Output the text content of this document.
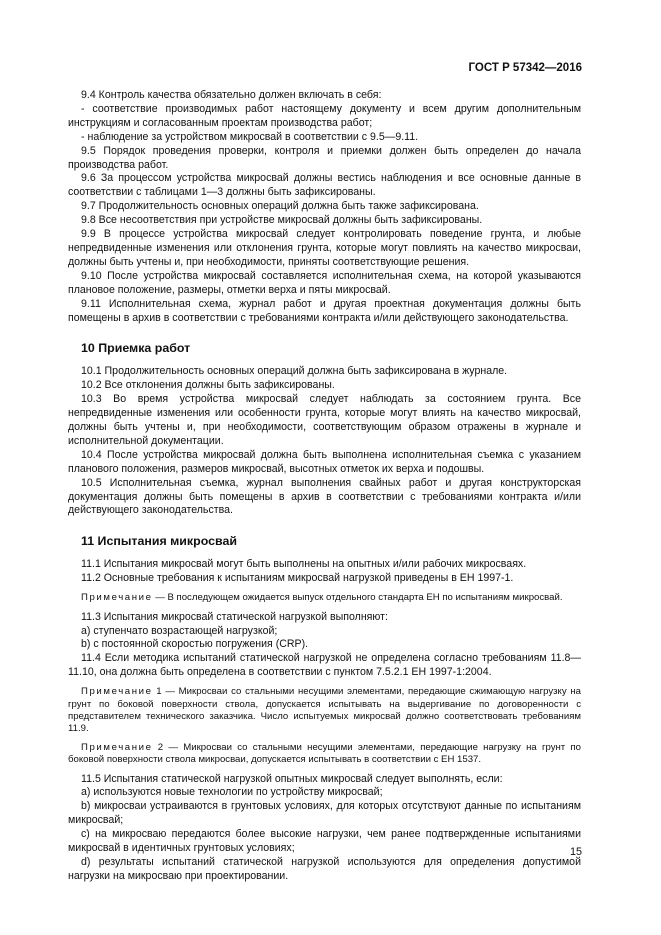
ГОСТ Р 57342—2016

9.4 Контроль качества обязательно должен включать в себя:

- соответствие производимых работ настоящему документу и всем другим дополнительным инструкциям и согласованным проектам производства работ;

- наблюдение за устройством микросвай в соответствии с 9.5—9.11.

9.5 Порядок проведения проверки, контроля и приемки должен быть определен до начала производства работ.

9.6 За процессом устройства микросвай должны вестись наблюдения и все основные данные в соответствии с таблицами 1—3 должны быть зафиксированы.

9.7 Продолжительность основных операций должна быть также зафиксирована.

9.8 Все несоответствия при устройстве микросвай должны быть зафиксированы.

9.9 В процессе устройства микросвай следует контролировать поведение грунта, и любые непредвиденные изменения или отклонения грунта, которые могут повлиять на качество микросваи, должны быть учтены и, при необходимости, приняты соответствующие решения.

9.10 После устройства микросвай составляется исполнительная схема, на которой указываются плановое положение, размеры, отметки верха и пяты микросвай.

9.11 Исполнительная схема, журнал работ и другая проектная документация должны быть помещены в архив в соответствии с требованиями контракта и/или действующего законодательства.

10 Приемка работ

10.1 Продолжительность основных операций должна быть зафиксирована в журнале.

10.2 Все отклонения должны быть зафиксированы.

10.3 Во время устройства микросвай следует наблюдать за состоянием грунта. Все непредвиденные изменения или особенности грунта, которые могут влиять на качество микросвай, должны быть учтены и, при необходимости, соответствующим образом отражены в журнале и исполнительной документации.

10.4 После устройства микросвай должна быть выполнена исполнительная съемка с указанием планового положения, размеров микросвай, высотных отметок их верха и подошвы.

10.5 Исполнительная съемка, журнал выполнения свайных работ и другая конструкторская документация должны быть помещены в архив в соответствии с требованиями контракта и/или действующего законодательства.

11 Испытания микросвай

11.1 Испытания микросвай могут быть выполнены на опытных и/или рабочих микросваях.

11.2 Основные требования к испытаниям микросвай нагрузкой приведены в ЕН 1997-1.

Примечание — В последующем ожидается выпуск отдельного стандарта ЕН по испытаниям микросвай.

11.3 Испытания микросвай статической нагрузкой выполняют:

а) ступенчато возрастающей нагрузкой;

b) с постоянной скоростью погружения (CRP).

11.4 Если методика испытаний статической нагрузкой не определена согласно требованиям 11.8—11.10, она должна быть определена в соответствии с пунктом 7.5.2.1 ЕН 1997-1:2004.

Примечание 1 — Микросваи со стальными несущими элементами, передающие сжимающую нагрузку на грунт по боковой поверхности ствола, допускается испытывать на выдергивание по договоренности с представителем технического заказчика. Число испытуемых микросвай должно соответствовать требованиям 11.9.

Примечание 2 — Микросваи со стальными несущими элементами, передающие нагрузку на грунт по боковой поверхности ствола микросваи, допускается испытывать в соответствии с ЕН 1537.

11.5 Испытания статической нагрузкой опытных микросвай следует выполнять, если:

а) используются новые технологии по устройству микросвай;

b) микросваи устраиваются в грунтовых условиях, для которых отсутствуют данные по испытаниям микросвай;

с) на микросваю передаются более высокие нагрузки, чем ранее подтвержденные испытаниями микросвай в идентичных грунтовых условиях;

d) результаты испытаний статической нагрузкой используются для определения допустимой нагрузки на микросваю при проектировании.

15
